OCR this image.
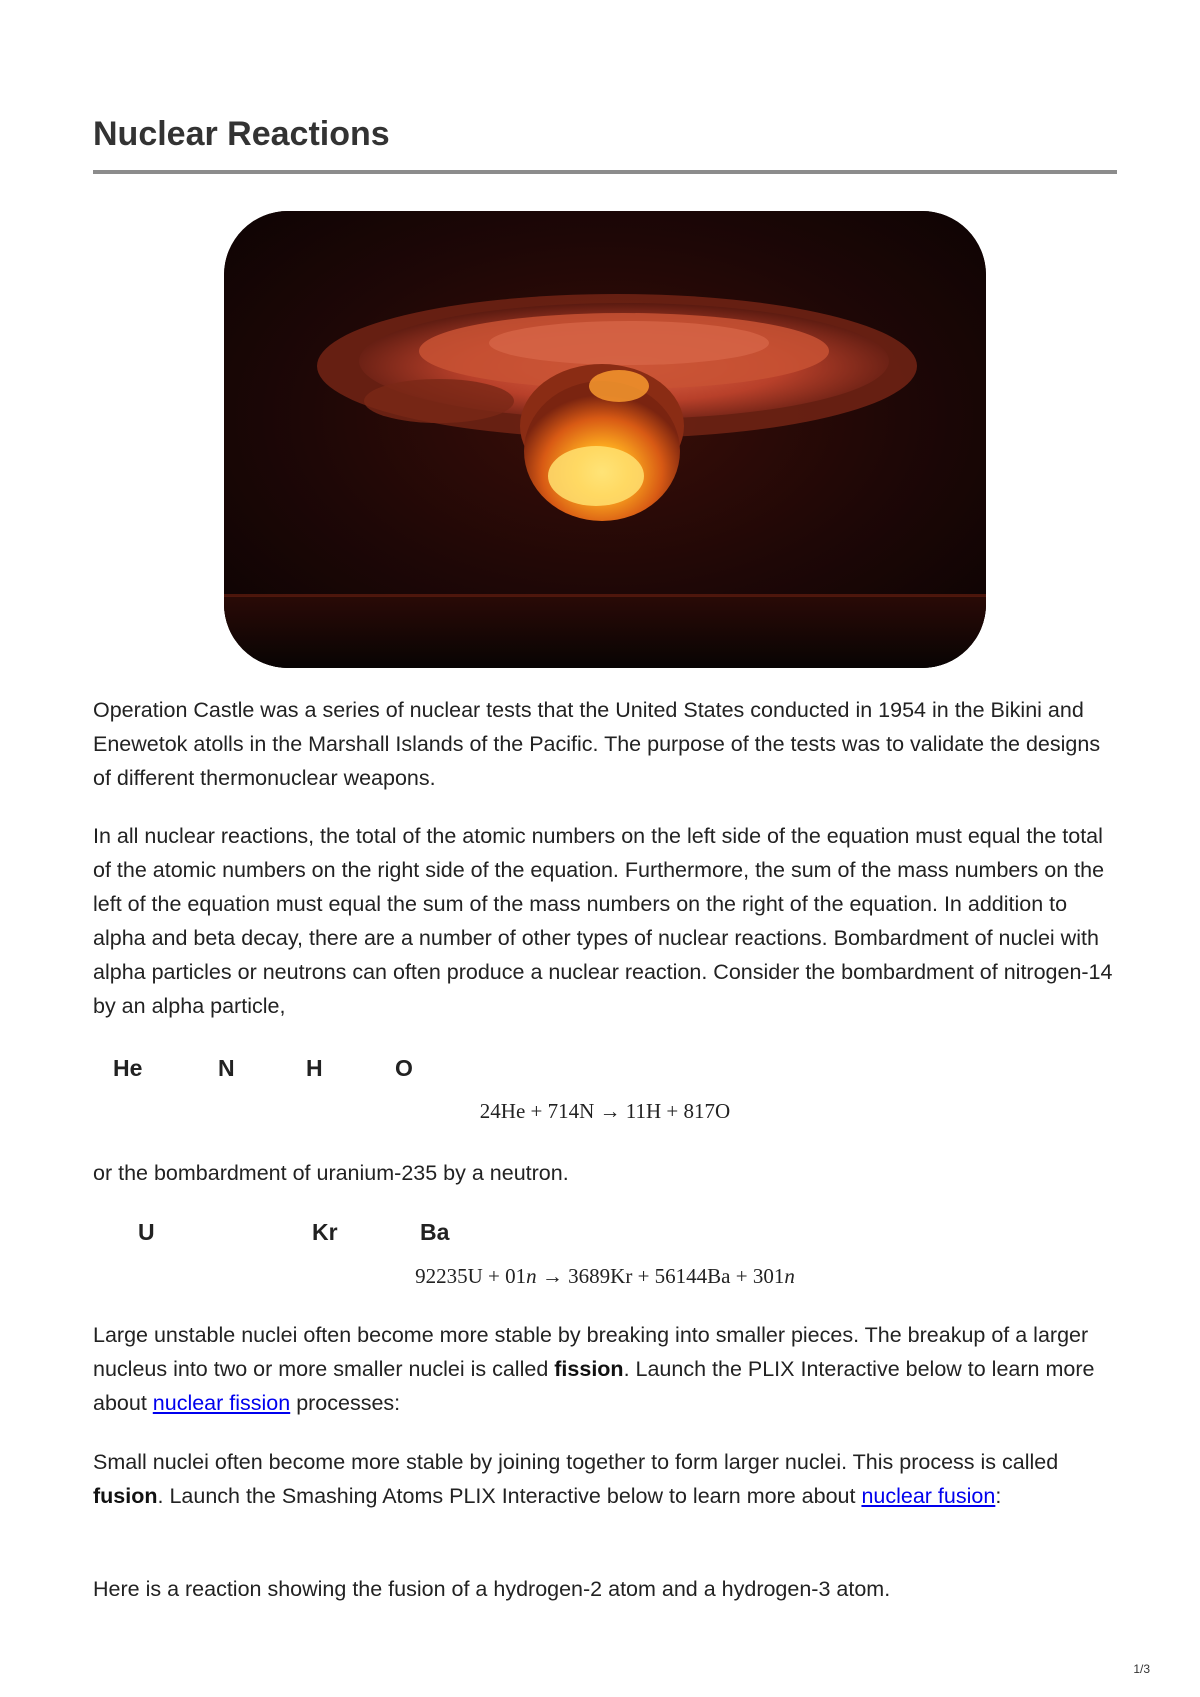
Nuclear Reactions

Operation Castle was a series of nuclear tests that the United States conducted in 1954 in the Bikini and Enewetok atolls in the Marshall Islands of the Pacific. The purpose of the tests was to validate the designs of different thermonuclear weapons.

In all nuclear reactions, the total of the atomic numbers on the left side of the equation must equal the total of the atomic numbers on the right side of the equation. Furthermore, the sum of the mass numbers on the left of the equation must equal the sum of the mass numbers on the right of the equation. In addition to alpha and beta decay, there are a number of other types of nuclear reactions. Bombardment of nuclei with alpha particles or neutrons can often produce a nuclear reaction. Consider the bombardment of nitrogen-14 by an alpha particle,

He	N	H	O
24He + 714N → 11H + 817O

or the bombardment of uranium-235 by a neutron.

U	Kr	Ba
92235U + 01n → 3689Kr + 56144Ba + 301n

Large unstable nuclei often become more stable by breaking into smaller pieces. The breakup of a larger nucleus into two or more smaller nuclei is called fission. Launch the PLIX Interactive below to learn more about nuclear fission processes:

Small nuclei often become more stable by joining together to form larger nuclei. This process is called fusion. Launch the Smashing Atoms PLIX Interactive below to learn more about nuclear fusion:

Here is a reaction showing the fusion of a hydrogen-2 atom and a hydrogen-3 atom.

1/3
